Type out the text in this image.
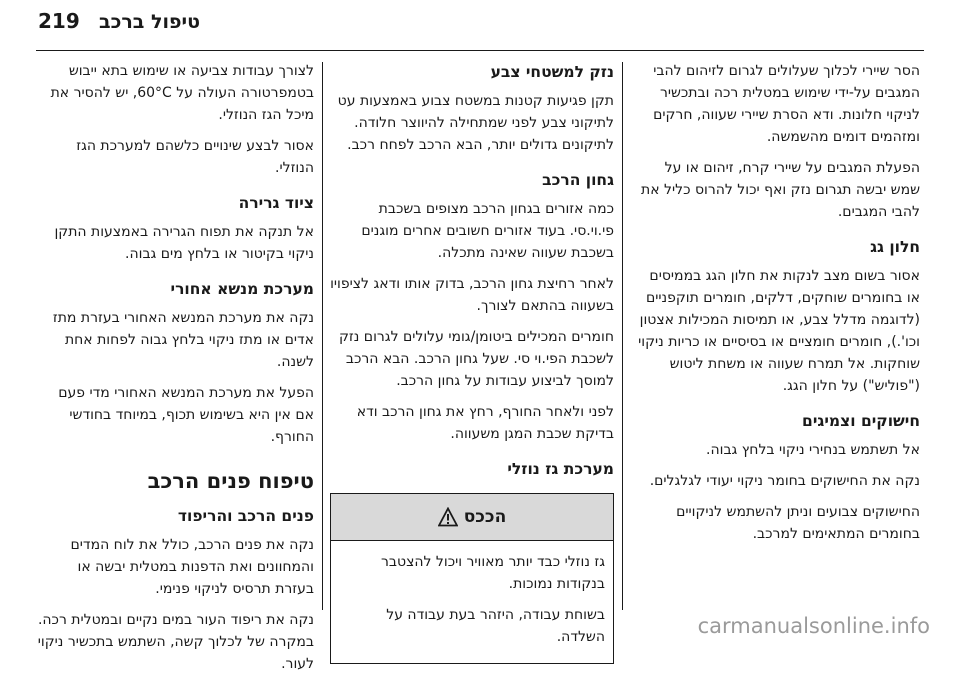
219 טיפול ברכב

הסר שיירי לכלוך שעלולים לגרום לזיהום להבי המגבים על-ידי שימוש במטלית רכה ובתכשיר לניקוי חלונות. ודא הסרת שיירי שעווה, חרקים ומזהמים דומים מהשמשה.

הפעלת המגבים על שיירי קרח, זיהום או על שמש יבשה תגרום נזק ואף יכול להרוס כליל את להבי המגבים.

חלון גג

אסור בשום מצב לנקות את חלון הגג בממיסים או בחומרים שוחקים, דלקים, חומרים תוקפניים (לדוגמה מדלל צבע, או תמיסות המכילות אצטון וכו'.), חומרים חומציים או בסיסיים או כריות ניקוי שוחקות. אל תמרח שעווה או משחת ליטוש ("פוליש") על חלון הגג.

חישוקים וצמיגים

אל תשתמש בנחירי ניקוי בלחץ גבוה.

נקה את החישוקים בחומר ניקוי יעודי לגלגלים.

החישוקים צבועים וניתן להשתמש לניקויים בחומרים המתאימים למרכב.

נזק למשטחי צבע

תקן פגיעות קטנות במשטח צבוע באמצעות עט לתיקוני צבע לפני שמתחילה להיווצר חלודה. לתיקונים גדולים יותר, הבא הרכב לפחח רכב.

גחון הרכב

כמה אזורים בגחון הרכב מצופים בשכבת פי.וי.סי. בעוד אזורים חשובים אחרים מוגנים בשכבת שעווה שאינה מתכלה.

לאחר רחיצת גחון הרכב, בדוק אותו ודאג לציפויו בשעווה בהתאם לצורך.

חומרים המכילים ביטומן/גומי עלולים לגרום נזק לשכבת הפי.וי סי. שעל גחון הרכב. הבא הרכב למוסך לביצוע עבודות על גחון הרכב.

לפני ולאחר החורף, רחץ את גחון הרכב ודא בדיקת שכבת המגן משעווה.

מערכת גז נוזלי
הככס

גז נוזלי כבד יותר מאוויר ויכול להצטבר בנקודות נמוכות.

בשוחת עבודה, היזהר בעת עבודה על השלדה.

לצורך עבודות צביעה או שימוש בתא ייבוש בטמפרטורה העולה על 60°C, יש להסיר את מיכל הגז הנוזלי.

אסור לבצע שינויים כלשהם למערכת הגז הנוזלי.

ציוד גרירה

אל תנקה את תפוח הגרירה באמצעות התקן ניקוי בקיטור או בלחץ מים גבוה.

מערכת מנשא אחורי

נקה את מערכת המנשא האחורי בעזרת מתז אדים או מתז ניקוי בלחץ גבוה לפחות אחת לשנה.

הפעל את מערכת המנשא האחורי מדי פעם אם אין היא בשימוש תכוף, במיוחד בחודשי החורף.

טיפוח פנים הרכב
פנים הרכב והריפוד

נקה את פנים הרכב, כולל את לוח המדים והמחוונים ואת הדפנות במטלית יבשה או בעזרת תרסיס לניקוי פנימי.

נקה את ריפוד העור במים נקיים ובמטלית רכה. במקרה של לכלוך קשה, השתמש בתכשיר ניקוי לעור.

carmanualsonline.info
